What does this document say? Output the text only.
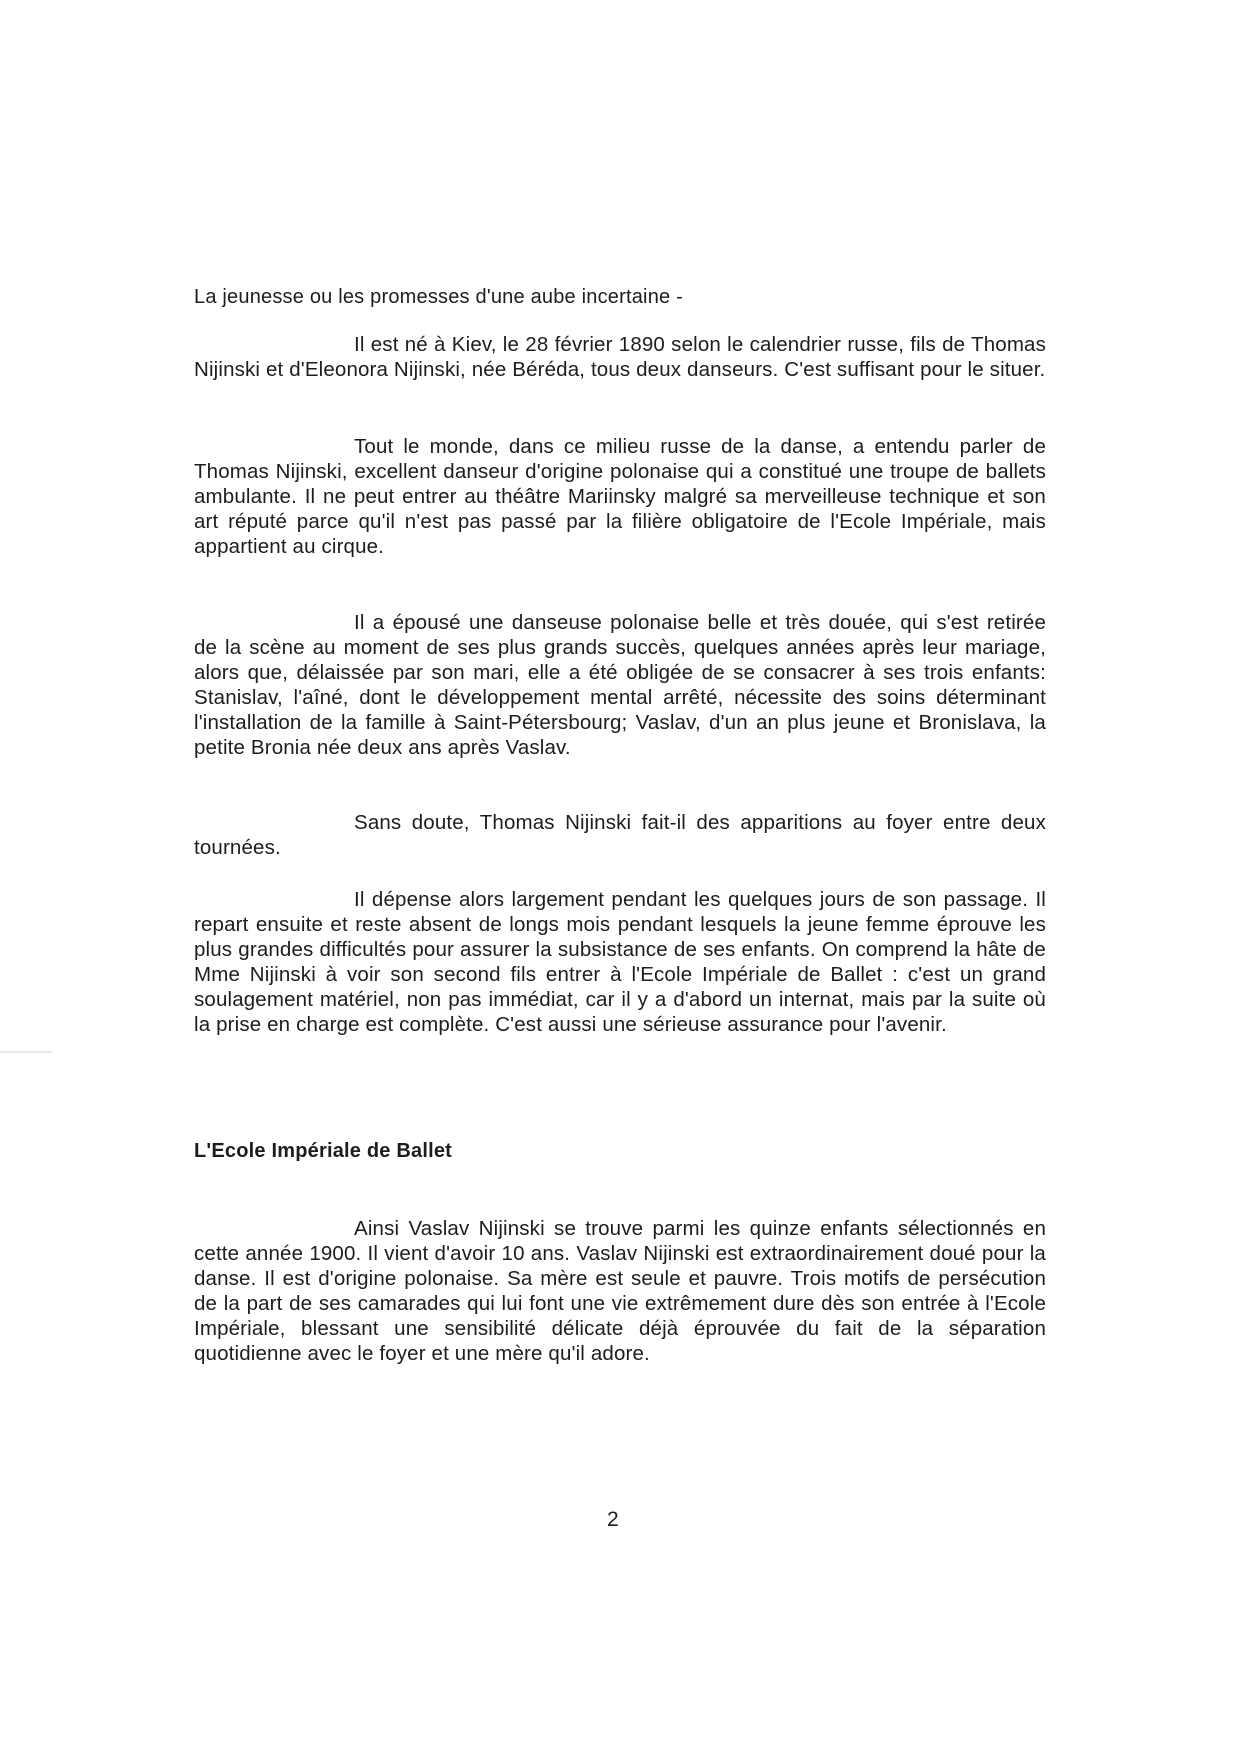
La jeunesse ou les promesses d'une aube incertaine -

Il est né à Kiev, le 28 février 1890 selon le calendrier russe, fils de Thomas Nijinski et d'Eleonora Nijinski, née Béréda, tous deux danseurs. C'est suffisant pour le situer.

Tout le monde, dans ce milieu russe de la danse, a entendu parler de Thomas Nijinski, excellent danseur d'origine polonaise qui a constitué une troupe de ballets ambulante. Il ne peut entrer au théâtre Mariinsky malgré sa merveilleuse technique et son art réputé parce qu'il n'est pas passé par la filière obligatoire de l'Ecole Impériale, mais appartient au cirque.

Il a épousé une danseuse polonaise belle et très douée, qui s'est retirée de la scène au moment de ses plus grands succès, quelques années après leur mariage, alors que, délaissée par son mari, elle a été obligée de se consacrer à ses trois enfants: Stanislav, l'aîné, dont le développement mental arrêté, nécessite des soins déterminant l'installation de la famille à Saint-Pétersbourg; Vaslav, d'un an plus jeune et Bronislava, la petite Bronia née deux ans après Vaslav.

Sans doute, Thomas Nijinski fait-il des apparitions au foyer entre deux tournées.

Il dépense alors largement pendant les quelques jours de son passage. Il repart ensuite et reste absent de longs mois pendant lesquels la jeune femme éprouve les plus grandes difficultés pour assurer la subsistance de ses enfants. On comprend la hâte de Mme Nijinski à voir son second fils entrer à l'Ecole Impériale de Ballet : c'est un grand soulagement matériel, non pas immédiat, car il y a d'abord un internat, mais par la suite où la prise en charge est complète. C'est aussi une sérieuse assurance pour l'avenir.

L'Ecole Impériale de Ballet

Ainsi Vaslav Nijinski se trouve parmi les quinze enfants sélectionnés en cette année 1900. Il vient d'avoir 10 ans. Vaslav Nijinski est extraordinairement doué pour la danse. Il est d'origine polonaise. Sa mère est seule et pauvre. Trois motifs de persécution de la part de ses camarades qui lui font une vie extrêmement dure dès son entrée à l'Ecole Impériale, blessant une sensibilité délicate déjà éprouvée du fait de la séparation quotidienne avec le foyer et une mère qu'il adore.

2
